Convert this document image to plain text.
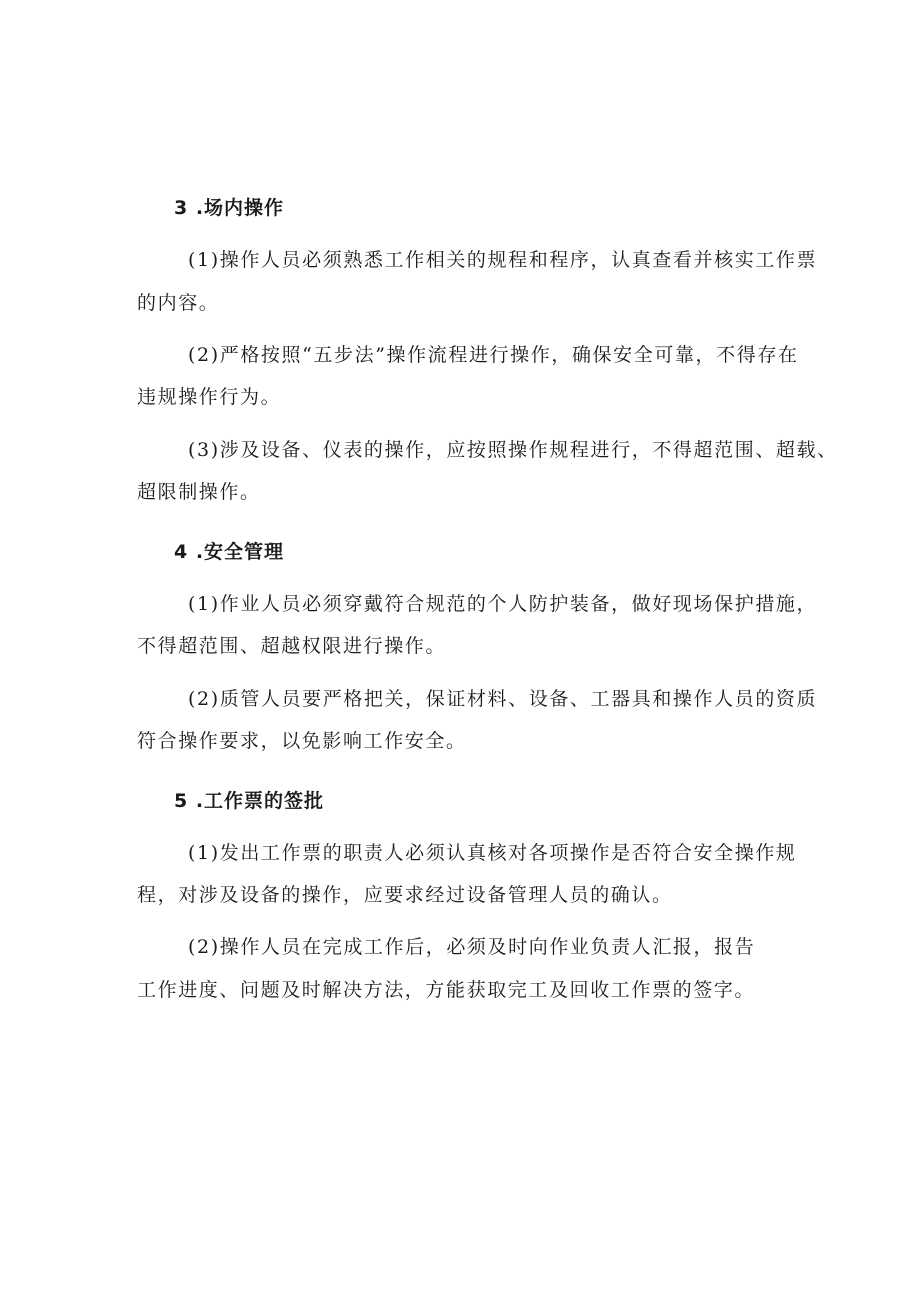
3 .场内操作
(1)操作人员必须熟悉工作相关的规程和程序，认真查看并核实工作票
的内容。
(2)严格按照“五步法”操作流程进行操作，确保安全可靠，不得存在
违规操作行为。
(3)涉及设备、仪表的操作，应按照操作规程进行，不得超范围、超载、
超限制操作。
4 .安全管理
(1)作业人员必须穿戴符合规范的个人防护装备，做好现场保护措施，
不得超范围、超越权限进行操作。
(2)质管人员要严格把关，保证材料、设备、工器具和操作人员的资质
符合操作要求，以免影响工作安全。
5 .工作票的签批
(1)发出工作票的职责人必须认真核对各项操作是否符合安全操作规
程，对涉及设备的操作，应要求经过设备管理人员的确认。
(2)操作人员在完成工作后，必须及时向作业负责人汇报，报告
工作进度、问题及时解决方法，方能获取完工及回收工作票的签字。
